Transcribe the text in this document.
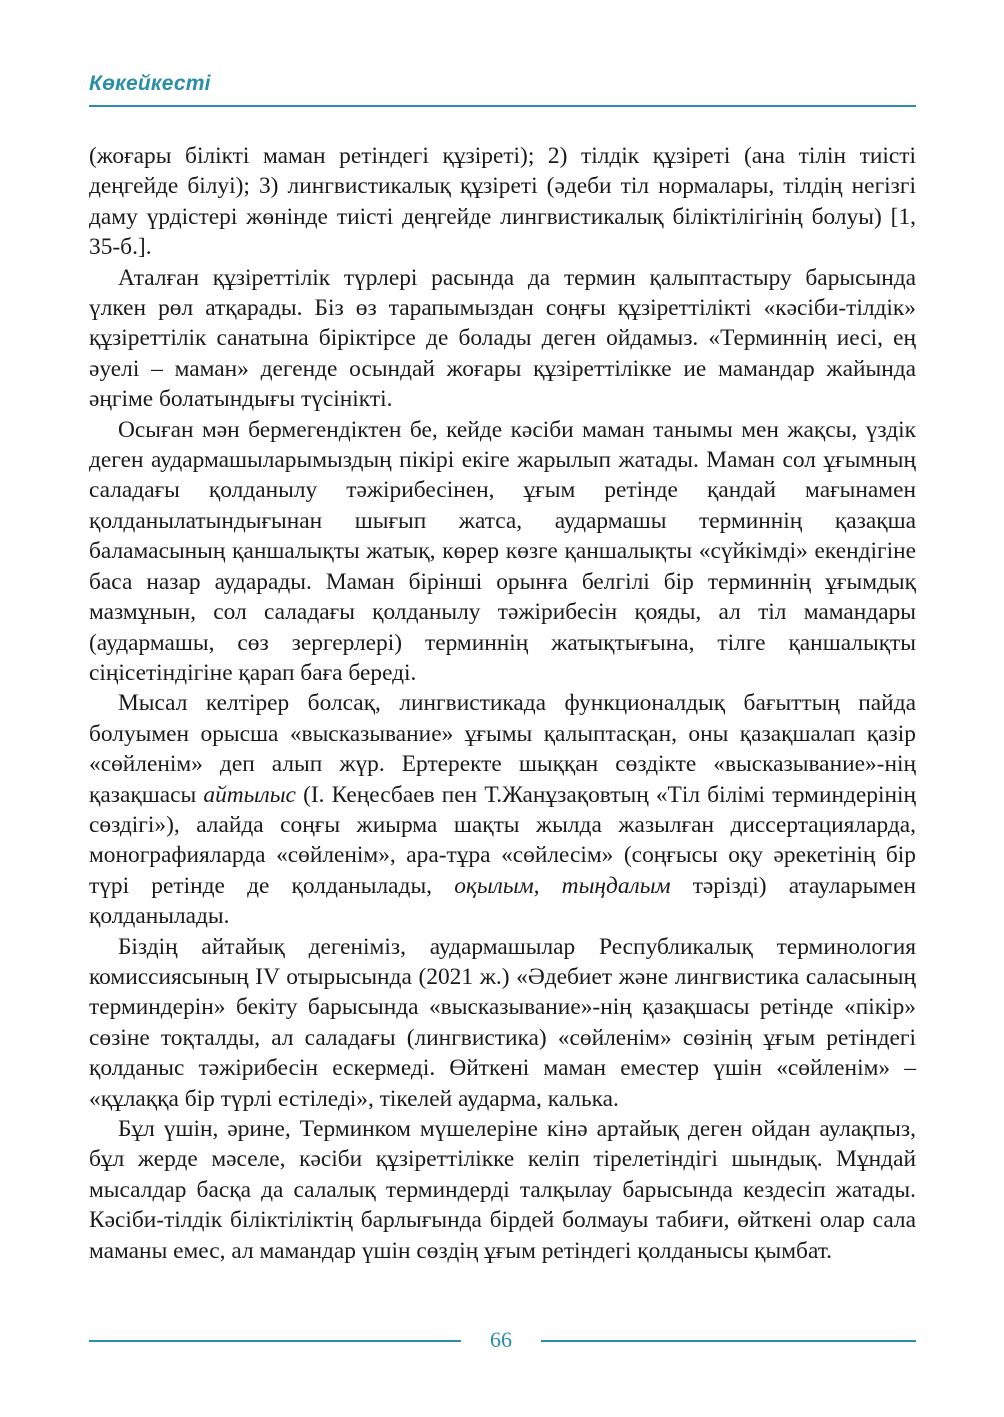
Көкейкесті

(жоғары білікті маман ретіндегі құзіреті); 2) тілдік құзіреті (ана тілін тиісті деңгейде білуі); 3) лингвистикалық құзіреті (әдеби тіл нормалары, тілдің негізгі даму үрдістері жөнінде тиісті деңгейде лингвистикалық біліктілігінің болуы) [1, 35-б.].

Аталған құзіреттілік түрлері расында да термин қалыптастыру барысында үлкен рөл атқарады. Біз өз тарапымыздан соңғы құзіреттілікті «кәсіби-тілдік» құзіреттілік санатына біріктірсе де болады деген ойдамыз. «Терминнің иесі, ең әуелі – маман» дегенде осындай жоғары құзіреттілікке ие мамандар жайында әңгіме болатындығы түсінікті.

Осыған мән бермегендіктен бе, кейде кәсіби маман танымы мен жақсы, үздік деген аудармашыларымыздың пікірі екіге жарылып жатады. Маман сол ұғымның саладағы қолданылу тәжірибесінен, ұғым ретінде қандай мағынамен қолданылатындығынан шығып жатса, аудармашы терминнің қазақша баламасының қаншалықты жатық, көрер көзге қаншалықты «сүйкімді» екендігіне баса назар аударады. Маман бірінші орынға белгілі бір терминнің ұғымдық мазмұнын, сол саладағы қолданылу тәжірибесін қояды, ал тіл мамандары (аудармашы, сөз зергерлері) терминнің жатықтығына, тілге қаншалықты сіңісетіндігіне қарап баға береді.

Мысал келтірер болсақ, лингвистикада функционалдық бағыттың пайда болуымен орысша «высказывание» ұғымы қалыптасқан, оны қазақшалап қазір «сөйленім» деп алып жүр. Ертеректе шыққан сөздікте «высказывание»-нің қазақшасы айтылыс (І. Кеңесбаев пен Т.Жанұзақовтың «Тіл білімі терминдерінің сөздігі»), алайда соңғы жиырма шақты жылда жазылған диссертацияларда, монографияларда «сөйленім», ара-тұра «сөйлесім» (соңғысы оқу әрекетінің бір түрі ретінде де қолданылады, оқылым, тыңдалым тәрізді) атауларымен қолданылады.

Біздің айтайық дегеніміз, аудармашылар Республикалық терминология комиссиясының IV отырысында (2021 ж.) «Әдебиет және лингвистика саласының терминдерін» бекіту барысында «высказывание»-нің қазақшасы ретінде «пікір» сөзіне тоқталды, ал саладағы (лингвистика) «сөйленім» сөзінің ұғым ретіндегі қолданыс тәжірибесін ескермеді. Өйткені маман еместер үшін «сөйленім» – «құлаққа бір түрлі естіледі», тікелей аударма, калька.

Бұл үшін, әрине, Терминком мүшелеріне кінә артайық деген ойдан аулақпыз, бұл жерде мәселе, кәсіби құзіреттілікке келіп тірелетіндігі шындық. Мұндай мысалдар басқа да салалық терминдерді талқылау барысында кездесіп жатады. Кәсіби-тілдік біліктіліктің барлығында бірдей болмауы табиғи, өйткені олар сала маманы емес, ал мамандар үшін сөздің ұғым ретіндегі қолданысы қымбат.

66
